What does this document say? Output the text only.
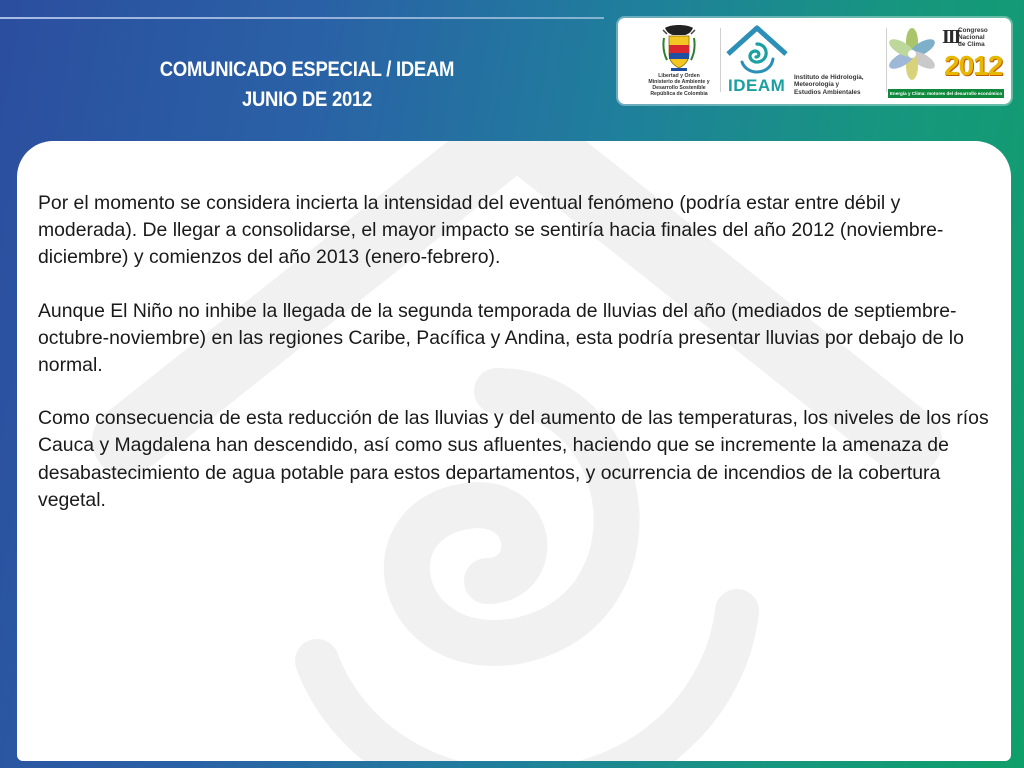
COMUNICADO ESPECIAL / IDEAM
JUNIO DE 2012
Libertad y Orden
Ministerio de Ambiente y
Desarrollo Sostenible
República de Colombia	IDEAM Instituto de Hidrología,
Meteorología y
Estudios Ambientales
III
Congreso
Nacional
de Clima
2012
Energía y Clima: motores del desarrollo económico

Por el momento se considera incierta la intensidad del eventual fenómeno (podría estar entre débil y moderada). De llegar a consolidarse, el mayor impacto se sentiría hacia finales del año 2012 (noviembre-diciembre) y comienzos del año 2013 (enero-febrero).

Aunque El Niño no inhibe la llegada de la segunda temporada de lluvias del año (mediados de septiembre-octubre-noviembre) en las regiones Caribe, Pacífica y Andina, esta podría presentar lluvias por debajo de lo normal.

Como consecuencia de esta reducción de las lluvias y del aumento de las temperaturas, los niveles de los ríos Cauca y Magdalena han descendido, así como sus afluentes, haciendo que se incremente la amenaza de desabastecimiento de agua potable para estos departamentos, y ocurrencia de incendios de la cobertura vegetal.
